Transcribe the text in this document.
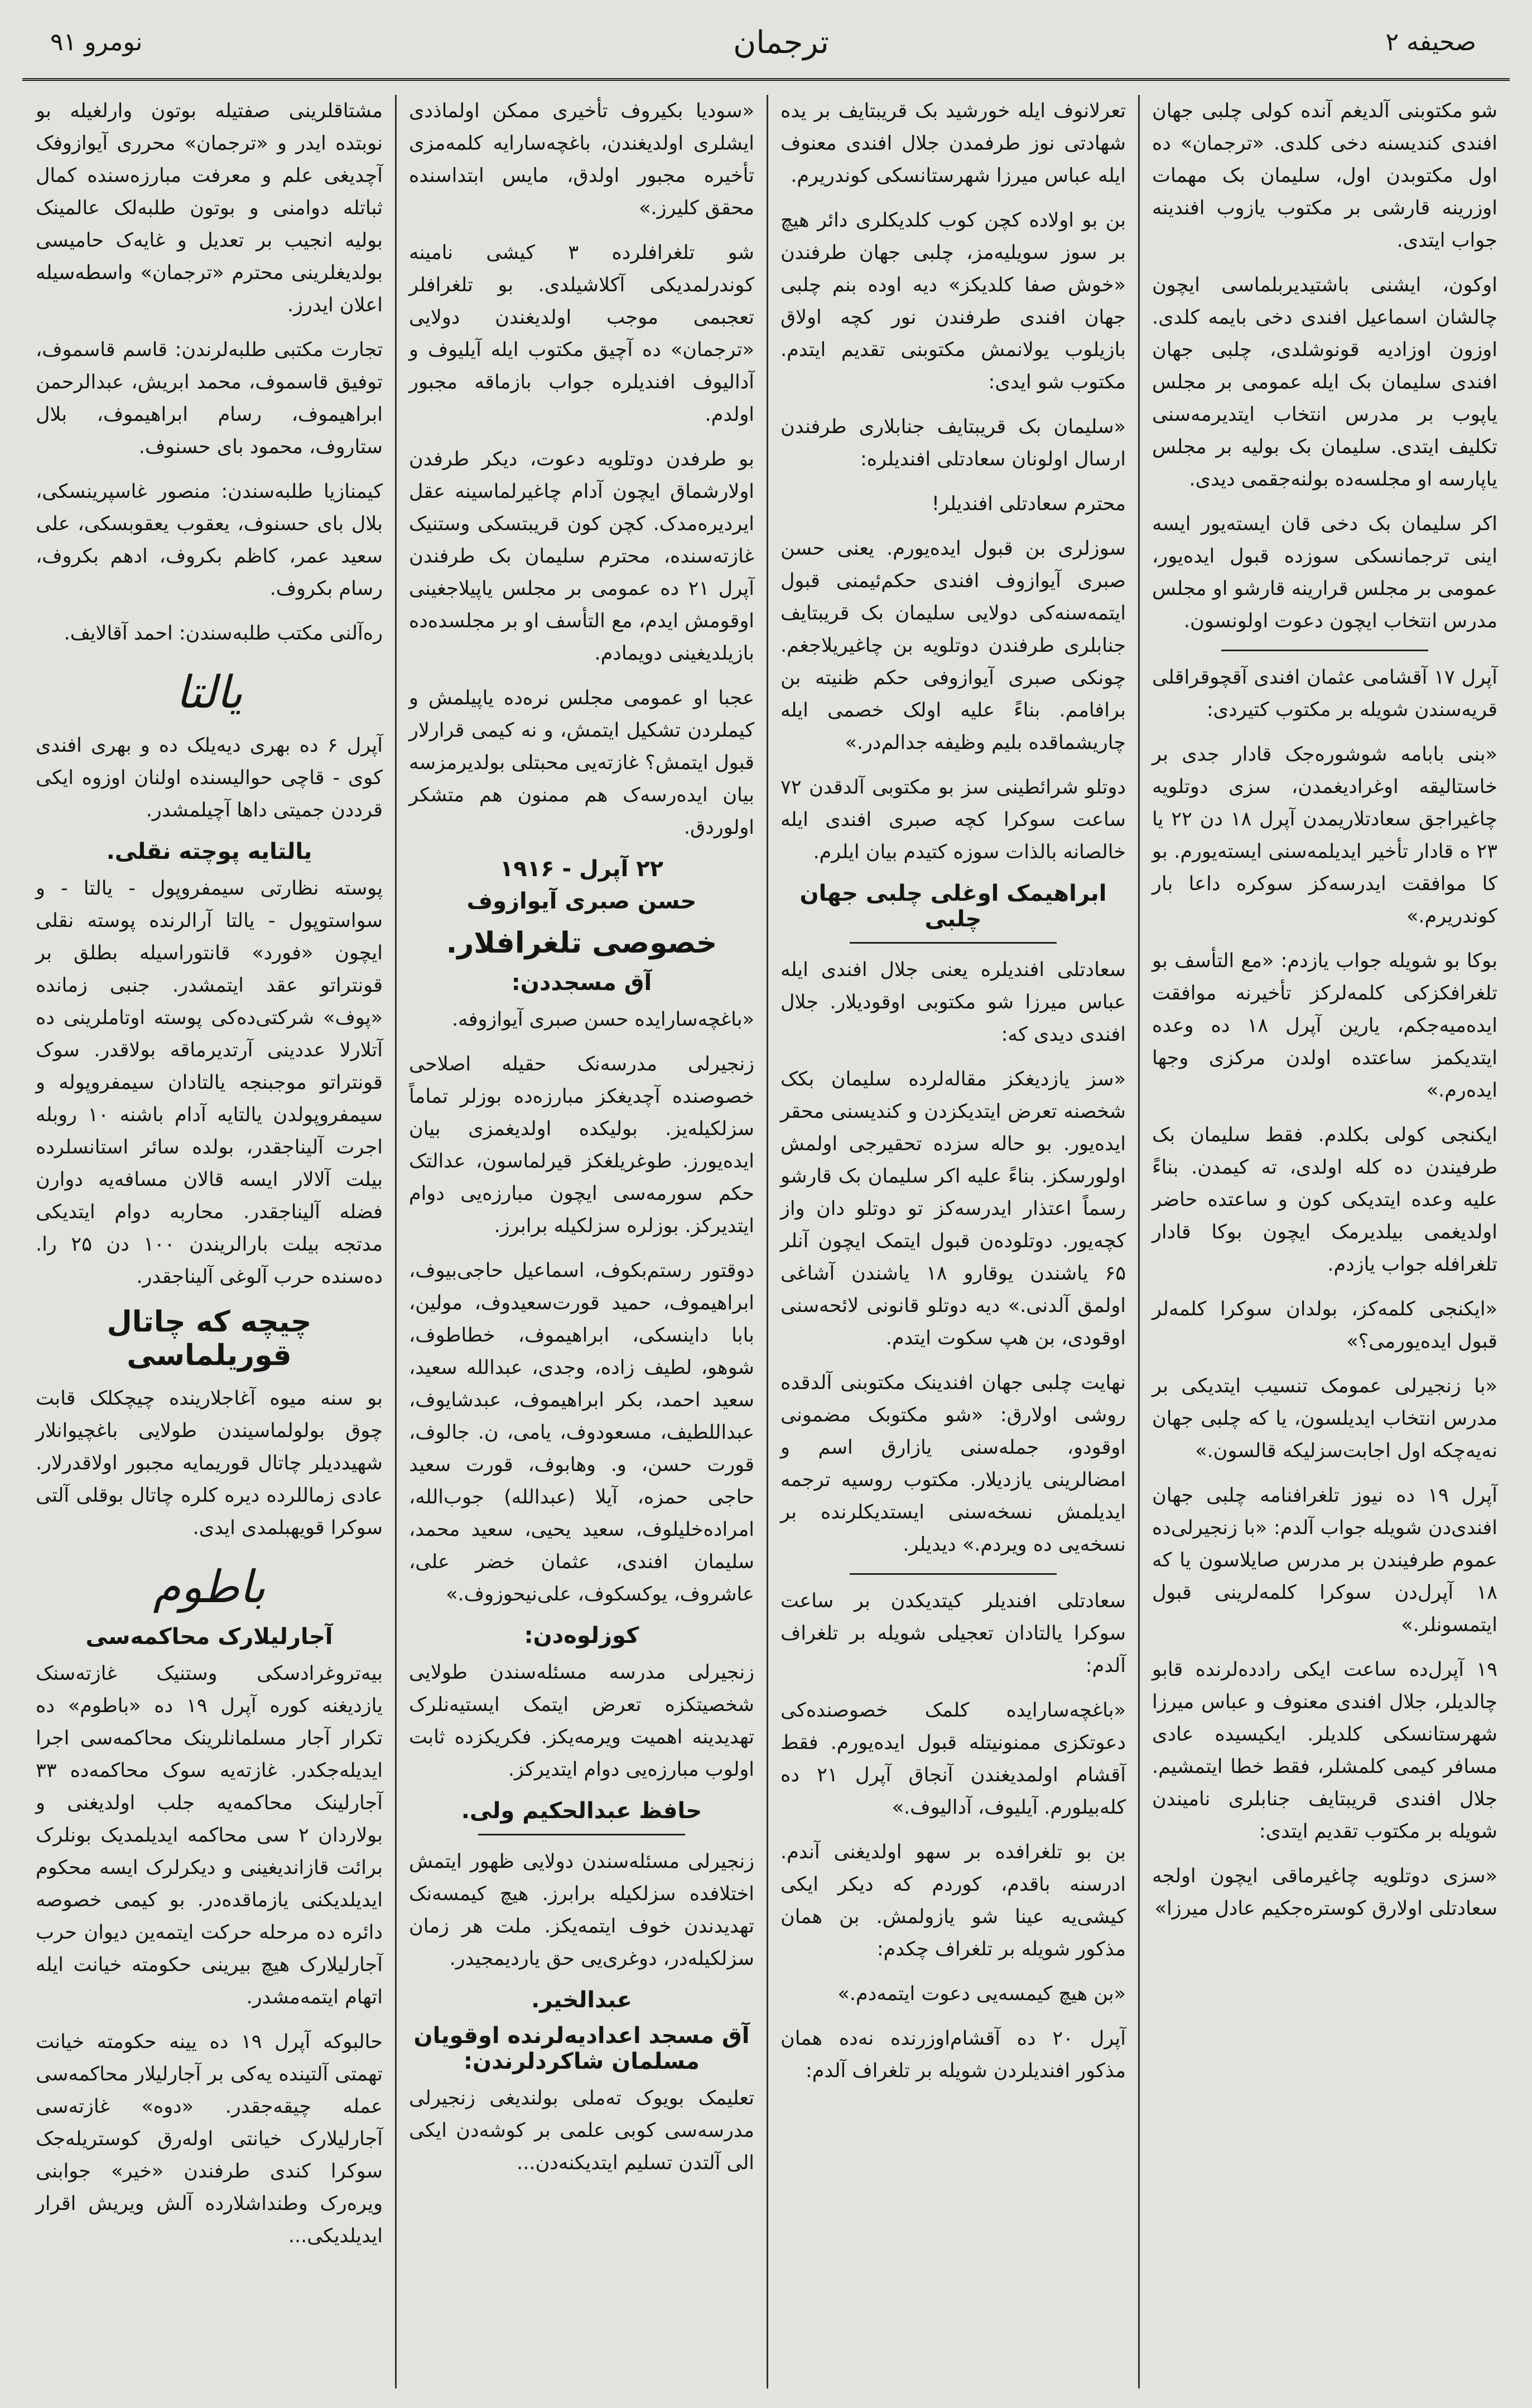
صحیفه ۲
ترجمان
نومرو ۹۱

شو مکتوبنی آلدیغم آنده کولی چلبی جهان افندی کندیسنه دخی کلدی. «ترجمان» ده اول مکتوبدن اول، سلیمان بک مهمات اوزرینه قارشی بر مکتوب یازوب افندینه جواب ایتدی.

اوکون، ایشنی باشتیدیربلماسی ایچون چالشان اسماعیل افندی دخی بایمه کلدی. اوزون اوزادیه قونوشلدی، چلبی جهان افندی سلیمان بک ایله عمومی بر مجلس یاپوب بر مدرس انتخاب ایتدیرمه‌سنی تکلیف ایتدی. سلیمان بک بولیه بر مجلس یاپارسه او مجلسه‌ده بولنه‌جقمی دیدی.

اکر سلیمان بک دخی قان ایسته‌یور ایسه اینی ترجمانسکی سوزده قبول ایده‌یور، عمومی بر مجلس قرارینه قارشو او مجلس مدرس انتخاب ایچون دعوت اولونسون.

آپرل ۱۷ آقشامی عثمان افندی آقچوقراقلی قریه‌سندن شویله بر مکتوب کتیردی:

«بنی بابامه شوشوره‌جک قادار جدی بر خاستالیقه اوغرادیغمدن، سزی دوتلویه چاغیراجق سعادتلاریمدن آپرل ۱۸ دن ۲۲ یا ۲۳ ه قادار تأخیر ایدیلمه‌سنی ایسته‌یورم. بو کا موافقت ایدرسه‌کز سوکره داعا بار کوندریرم.»

بوکا بو شویله جواب یازدم: «مع التأسف بو تلغرافکزکی کلمه‌لرکز تأخیرنه موافقت ایده‌میه‌جکم، یارین آپرل ۱۸ ده وعده ایتدیکمز ساعتده اولدن مرکزی وجها ایده‌رم.»

ایکنجی کولی بکلدم. فقط سلیمان بک طرفیندن ده کله اولدی، ته کیمدن. بناءً علیه وعده ایتدیکی کون و ساعتده حاضر اولدیغمی بیلدیرمک ایچون بوکا قادار تلغرافله جواب یازدم.

«ایکنجی کلمه‌کز، بولدان سوکرا کلمه‌لر قبول ایده‌یورمی؟»

«با زنجیرلی عمومک تنسیب ایتدیکی بر مدرس انتخاب ایدیلسون، یا که چلبی جهان نه‌یه‌چکه اول اجابت‌سزلیکه قالسون.»

آپرل ۱۹ ده نیوز تلغرافنامه چلبی جهان افندی‌دن شویله جواب آلدم: «با زنجیرلی‌ده عموم طرفیندن بر مدرس صایلاسون یا که ۱۸ آپرل‌دن سوکرا کلمه‌لرینی قبول ایتمسونلر.»

۱۹ آپرل‌ده ساعت ایکی رادده‌لرنده قابو چالدیلر، جلال افندی معنوف و عباس میرزا شهرستانسکی کلدیلر. ایکیسیده عادی مسافر کیمی کلمشلر، فقط خطا ایتمشیم. جلال افندی قریبتایف جنابلری نامیندن شویله بر مکتوب تقدیم ایتدی:

«سزی دوتلویه چاغیرماقی ایچون اولجه سعادتلی اولارق کوستره‌جکیم عادل میرزا»

تعرلانوف ایله خورشید بک قریبتایف بر یده شهادتی نوز طرفمدن جلال افندی معنوف ایله عباس میرزا شهرستانسکی کوندریرم.

بن بو اولاده کچن کوب کلدیکلری دائر هیچ بر سوز سویلیه‌مز، چلبی جهان طرفندن «خوش صفا کلدیکز» دیه اوده بنم چلبی جهان افندی طرفندن نور کچه اولاق بازیلوب یولانمش مکتوبنی تقدیم ایتدم. مکتوب شو ایدی:

«سلیمان بک قریبتایف جنابلاری طرفندن ارسال اولونان سعادتلی افندیلره:

محترم سعادتلی افندیلر!

سوزلری بن قبول ایده‌یورم. یعنی حسن صبری آیوازوف افندی حکم‌ئیمنی قبول ایتمه‌سنه‌کی دولایی سلیمان بک قریبتایف جنابلری طرفندن دوتلویه بن چاغیریلاجغم. چونکی صبری آیوازوفی حکم ظنیته بن برافامم. بناءً علیه اولک خصمی ایله چاریشماقده بلیم وظیفه جدالم‌در.»

دوتلو شرائطینی سز بو مکتوبی آلدقدن ۷۲ ساعت سوکرا کچه صبری افندی ایله خالصانه بالذات سوزه کتیدم بیان ایلرم.

ابراهیمک اوغلی چلبی جهان چلبی

سعادتلی افندیلره یعنی جلال افندی ایله عباس میرزا شو مکتوبی اوقودیلار. جلال افندی دیدی که:

«سز یازدیغکز مقاله‌لرده سلیمان بکک شخصنه تعرض ایتدیکزدن و کندیسنی محقر ایده‌یور. بو حاله سزده تحقیرجی اولمش اولورسکز. بناءً علیه اکر سلیمان بک قارشو رسماً اعتذار ایدرسه‌کز تو دوتلو دان واز کچه‌یور. دوتلوده‌ن قبول ایتمک ایچون آنلر ۶۵ یاشندن یوقارو ۱۸ یاشندن آشاغی اولمق آلدنی.» دیه دوتلو قانونی لائحه‌سنی اوقودی، بن هپ سکوت ایتدم.

نهایت چلبی جهان افندینک مکتوبنی آلدقده روشی اولارق: «شو مکتوبک مضمونی اوقودو، جمله‌سنی یازارق اسم و امضالرینی یازدیلار. مکتوب روسیه ترجمه ایدیلمش نسخه‌سنی ایستدیکلرنده بر نسخه‌یی ده ویردم.» دیدیلر.

سعادتلی افندیلر کیتدیکدن بر ساعت سوکرا یالتادان تعجیلی شویله بر تلغراف آلدم:

«باغچه‌سارایده کلمک خصوصنده‌کی دعوتکزی ممنونیتله قبول ایده‌یورم. فقط آقشام اولمدیغندن آنجاق آپرل ۲۱ ده کله‌بیلورم. آیلیوف، آدالیوف.»

بن بو تلغرافده بر سهو اولدیغنی آندم. ادرسنه باقدم، کوردم که دیکر ایکی کیشی‌یه عینا شو یازولمش. بن همان مذکور شویله بر تلغراف چکدم:

«بن هیچ کیمسه‌یی دعوت ایتمه‌دم.»

آپرل ۲۰ ده آقشام‌اوزرنده نه‌ده همان مذکور افندیلردن شویله بر تلغراف آلدم:

«سودیا بکیروف تأخیری ممکن اولماذدی ایشلری اولدیغندن، باغچه‌سارایه کلمه‌مزی تأخیره مجبور اولدق، مایس ابتداسنده محقق کلیرز.»

شو تلغرافلرده ۳ کیشی نامینه کوندرلمدیکی آکلاشیلدی. بو تلغرافلر تعجبمی موجب اولدیغندن دولایی «ترجمان» ده آچیق مکتوب ایله آیلیوف و آدالیوف افندیلره جواب بازماقه مجبور اولدم.

بو طرفدن دوتلویه دعوت، دیکر طرفدن اولارشماق ایچون آدام چاغیرلماسینه عقل ایردیره‌مدک. کچن کون قریبتسکی وستنیک غازته‌سنده، محترم سلیمان بک طرفندن آپرل ۲۱ ده عمومی بر مجلس یاپیلاجغینی اوقومش ایدم، مع التأسف او بر مجلسده‌ده بازیلدیغینی دویمادم.

عجبا او عمومی مجلس نره‌ده یاپیلمش و کیملردن تشکیل ایتمش، و نه کیمی قرارلار قبول ایتمش؟ غازته‌یی محبتلی بولدیرمزسه بیان ایده‌رسه‌ک هم ممنون هم متشکر اولوردق.

۲۲ آپرل - ۱۹۱۶
حسن صبری آیوازوف
خصوصی تلغرافلار.
آق مسجددن:

«باغچه‌سارایده حسن صبری آیوازوفه.

زنجیرلی مدرسه‌نک حقیله اصلاحی خصوصنده آچدیغکز مبارزه‌ده بوزلر تماماً سزلکیله‌یز. بولیکده اولدیغمزی بیان ایده‌یورز. طوغریلغکز قیرلماسون، عدالتک حکم سورمه‌سی ایچون مبارزه‌یی دوام ایتدیرکز. بوزلره سزلکیله برابرز.

دوقتور رستم‌بکوف، اسماعیل حاجی‌بیوف، ابراهیموف، حمید قورت‌سعیدوف، مولین، بابا داینسکی، ابراهیموف، خطاطوف، شوهو، لطیف زاده، وجدی، عبدالله سعید، سعید احمد، بکر ابراهیموف، عبدشایوف، عبداللطیف، مسعودوف، یامی، ن. جالوف، قورت حسن، و. وهابوف، قورت سعید حاجی حمزه، آیلا (عبدالله) جوب‌الله، امراده‌خلیلوف، سعید یحیی، سعید محمد، سلیمان افندی، عثمان خضر علی، عاشروف، یوکسکوف، علی‌نیحوزوف.»

کوزلوه‌دن:

زنجیرلی مدرسه مسئله‌سندن طولایی شخصیتکزه تعرض ایتمک ایستیه‌نلرک تهدیدینه اهمیت ویرمه‌یکز. فکریکزده ثابت اولوب مبارزه‌یی دوام ایتدیرکز.

حافظ عبدالحکیم ولی.

زنجیرلی مسئله‌سندن دولایی ظهور ایتمش اختلافده سزلکیله برابرز. هیچ کیمسه‌نک تهدیدندن خوف ایتمه‌یکز. ملت هر زمان سزلکیله‌در، دوغری‌یی حق یاردیمجیدر.

عبدالخیر.
آق مسجد اعدادیه‌لرنده اوقویان مسلمان شاکردلرندن:

تعلیمک بویوک ته‌ملی بولندیغی زنجیرلی مدرسه‌سی کوبی علمی بر کوشه‌دن ایکی الی آلتدن تسلیم ایتدیکنه‌دن...

مشتاقلرینی صفتیله بوتون وارلغیله بو نوبتده ایدر و «ترجمان» محرری آیوازوفک آچدیغی علم و معرفت مبارزه‌سنده کمال ثباتله دوامنی و بوتون طلبه‌لک عالمینک بولیه انجیب بر تعدیل و غایه‌ک حامیسی بولدیغلرینی محترم «ترجمان» واسطه‌سیله اعلان ایدرز.

تجارت مکتبی طلبه‌لرندن: قاسم قاسموف، توفیق قاسموف، محمد ابریش، عبدالرحمن ابراهیموف، رسام ابراهیموف، بلال ستاروف، محمود بای حسنوف.

کیمنازیا طلبه‌سندن: منصور غاسپرینسکی، بلال بای حسنوف، یعقوب یعقوبسکی، علی سعید عمر، کاظم بکروف، ادهم بکروف، رسام بکروف.

ره‌آلنی مکتب طلبه‌سندن: احمد آقالایف.

یالتا

آپرل ۶ ده بهری دیه‌یلک ده و بهری افندی کوی - قاچی حوالیسنده اولنان اوزوه ایکی قرددن جمیتی داها آچیلمشدر.

یالتایه پوچته نقلی.

پوسته نظارتی سیمفروپول - یالتا - و سواستوپول - یالتا آرالرنده پوسته نقلی ایچون «فورد» قانتوراسیله بطلق بر قونتراتو عقد ایتمشدر. جنبی زمانده «پوف» شرکتی‌ده‌کی پوسته اوتاملرینی ده آتلارلا عددینی آرتدیرماقه بولاقدر. سوک قونتراتو موجبنجه یالتادان سیمفروپوله و سیمفروپولدن یالتایه آدام باشنه ۱۰ روبله اجرت آلیناجقدر، بولده سائر استانسلرده بیلت آلالار ایسه قالان مسافه‌یه دوارن فضله آلیناجقدر. محاربه دوام ایتدیکی مدتجه بیلت بارالریندن ۱۰۰ دن ۲۵ را. ده‌سنده حرب آلوغی آلیناجقدر.

چیچه که چاتال قوریلماسی

بو سنه میوه آغاجلارینده چیچکلک قابت چوق بولولماسیندن طولایی باغچیوانلار شهیددیلر چاتال قوریمایه مجبور اولاقدرلار. عادی زماللرده دیره کلره چاتال بوقلی آلتی سوکرا قویهبلمدی ایدی.

باطوم
آجارلیلارک محاکمه‌سی

بیه‌تروغرادسکی وستنیک غازته‌سنک یازدیغنه کوره آپرل ۱۹ ده «باطوم» ده تکرار آجار مسلمانلرینک محاکمه‌سی اجرا ایدیله‌جکدر. غازته‌یه سوک محاکمه‌ده ۳۳ آجارلینک محاکمه‌یه جلب اولدیغنی و بولاردان ۲ سی محاکمه ایدیلمدیک بونلرک برائت قازاندیغینی و دیکرلرک ایسه محکوم ایدیلدیکنی یازماقده‌در. بو کیمی خصوصه دائره ده مرحله حرکت ایتمه‌ین دیوان حرب آجارلیلارک هیچ بیرینی حکومته خیانت ایله اتهام ایتمه‌مشدر.

حالبوکه آپرل ۱۹ ده یینه حکومته خیانت تهمتی آلتینده یه‌کی بر آجارلیلار محاکمه‌سی عمله چیقه‌جقدر. «دوه» غازته‌سی آجارلیلارک خیانتی اوله‌رق کوستریله‌جک سوکرا کندی طرفندن «خیر» جوابنی ویره‌رک وطنداشلارده آلش ویریش اقرار ایدیلدیکی...
